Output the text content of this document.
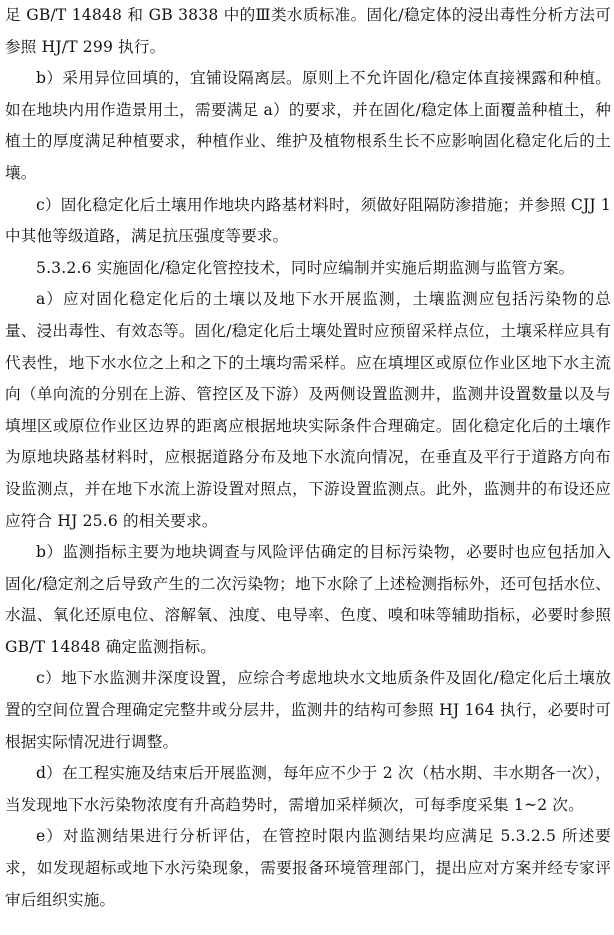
足 GB/T 14848 和 GB 3838 中的Ⅲ类水质标准。固化/稳定体的浸出毒性分析方法可参照 HJ/T 299 执行。

b）采用异位回填的，宜铺设隔离层。原则上不允许固化/稳定体直接裸露和种植。如在地块内用作造景用土，需要满足 a）的要求，并在固化/稳定体上面覆盖种植土，种植土的厚度满足种植要求，种植作业、维护及植物根系生长不应影响固化稳定化后的土壤。

c）固化稳定化后土壤用作地块内路基材料时，须做好阻隔防渗措施；并参照 CJJ 1 中其他等级道路，满足抗压强度等要求。

5.3.2.6 实施固化/稳定化管控技术，同时应编制并实施后期监测与监管方案。

a）应对固化稳定化后的土壤以及地下水开展监测，土壤监测应包括污染物的总量、浸出毒性、有效态等。固化/稳定化后土壤处置时应预留采样点位，土壤采样应具有代表性，地下水水位之上和之下的土壤均需采样。应在填埋区或原位作业区地下水主流向（单向流的分别在上游、管控区及下游）及两侧设置监测井，监测井设置数量以及与填埋区或原位作业区边界的距离应根据地块实际条件合理确定。固化稳定化后的土壤作为原地块路基材料时，应根据道路分布及地下水流向情况，在垂直及平行于道路方向布设监测点，并在地下水流上游设置对照点，下游设置监测点。此外，监测井的布设还应应符合 HJ 25.6 的相关要求。

b）监测指标主要为地块调查与风险评估确定的目标污染物，必要时也应包括加入固化/稳定剂之后导致产生的二次污染物；地下水除了上述检测指标外，还可包括水位、水温、氧化还原电位、溶解氧、浊度、电导率、色度、嗅和味等辅助指标，必要时参照 GB/T 14848 确定监测指标。

c）地下水监测井深度设置，应综合考虑地块水文地质条件及固化/稳定化后土壤放置的空间位置合理确定完整井或分层井，监测井的结构可参照 HJ 164 执行，必要时可根据实际情况进行调整。

d）在工程实施及结束后开展监测，每年应不少于 2 次（枯水期、丰水期各一次），当发现地下水污染物浓度有升高趋势时，需增加采样频次，可每季度采集 1~2 次。

e）对监测结果进行分析评估，在管控时限内监测结果均应满足 5.3.2.5 所述要求，如发现超标或地下水污染现象，需要报备环境管理部门，提出应对方案并经专家评审后组织实施。
